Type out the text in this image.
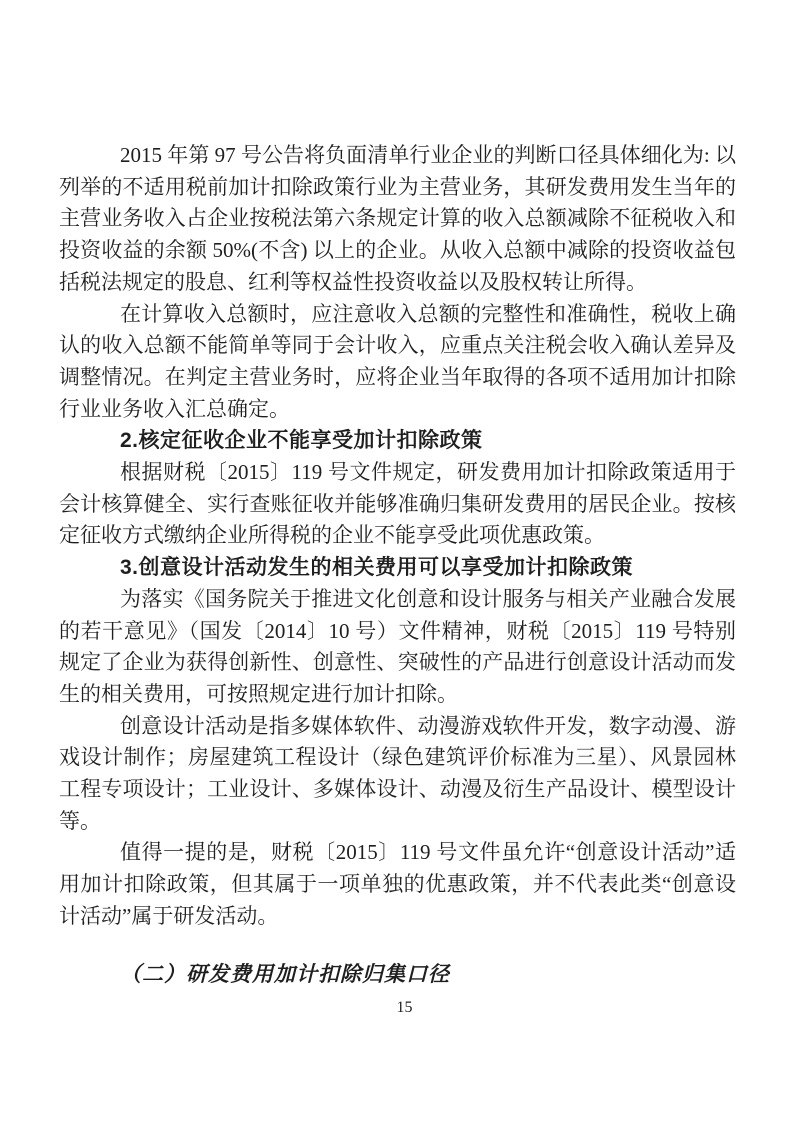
2015 年第 97 号公告将负面清单行业企业的判断口径具体细化为: 以列举的不适用税前加计扣除政策行业为主营业务，其研发费用发生当年的主营业务收入占企业按税法第六条规定计算的收入总额减除不征税收入和投资收益的余额 50%(不含) 以上的企业。从收入总额中减除的投资收益包括税法规定的股息、红利等权益性投资收益以及股权转让所得。

在计算收入总额时，应注意收入总额的完整性和准确性，税收上确认的收入总额不能简单等同于会计收入，应重点关注税会收入确认差异及调整情况。在判定主营业务时，应将企业当年取得的各项不适用加计扣除行业业务收入汇总确定。

2.核定征收企业不能享受加计扣除政策

根据财税〔2015〕119 号文件规定，研发费用加计扣除政策适用于会计核算健全、实行查账征收并能够准确归集研发费用的居民企业。按核定征收方式缴纳企业所得税的企业不能享受此项优惠政策。

3.创意设计活动发生的相关费用可以享受加计扣除政策

为落实《国务院关于推进文化创意和设计服务与相关产业融合发展的若干意见》（国发〔2014〕10 号）文件精神，财税〔2015〕119 号特别规定了企业为获得创新性、创意性、突破性的产品进行创意设计活动而发生的相关费用，可按照规定进行加计扣除。

创意设计活动是指多媒体软件、动漫游戏软件开发，数字动漫、游戏设计制作；房屋建筑工程设计（绿色建筑评价标准为三星）、风景园林工程专项设计；工业设计、多媒体设计、动漫及衍生产品设计、模型设计等。

值得一提的是，财税〔2015〕119 号文件虽允许“创意设计活动”适用加计扣除政策，但其属于一项单独的优惠政策，并不代表此类“创意设计活动”属于研发活动。

（二）研发费用加计扣除归集口径

15
